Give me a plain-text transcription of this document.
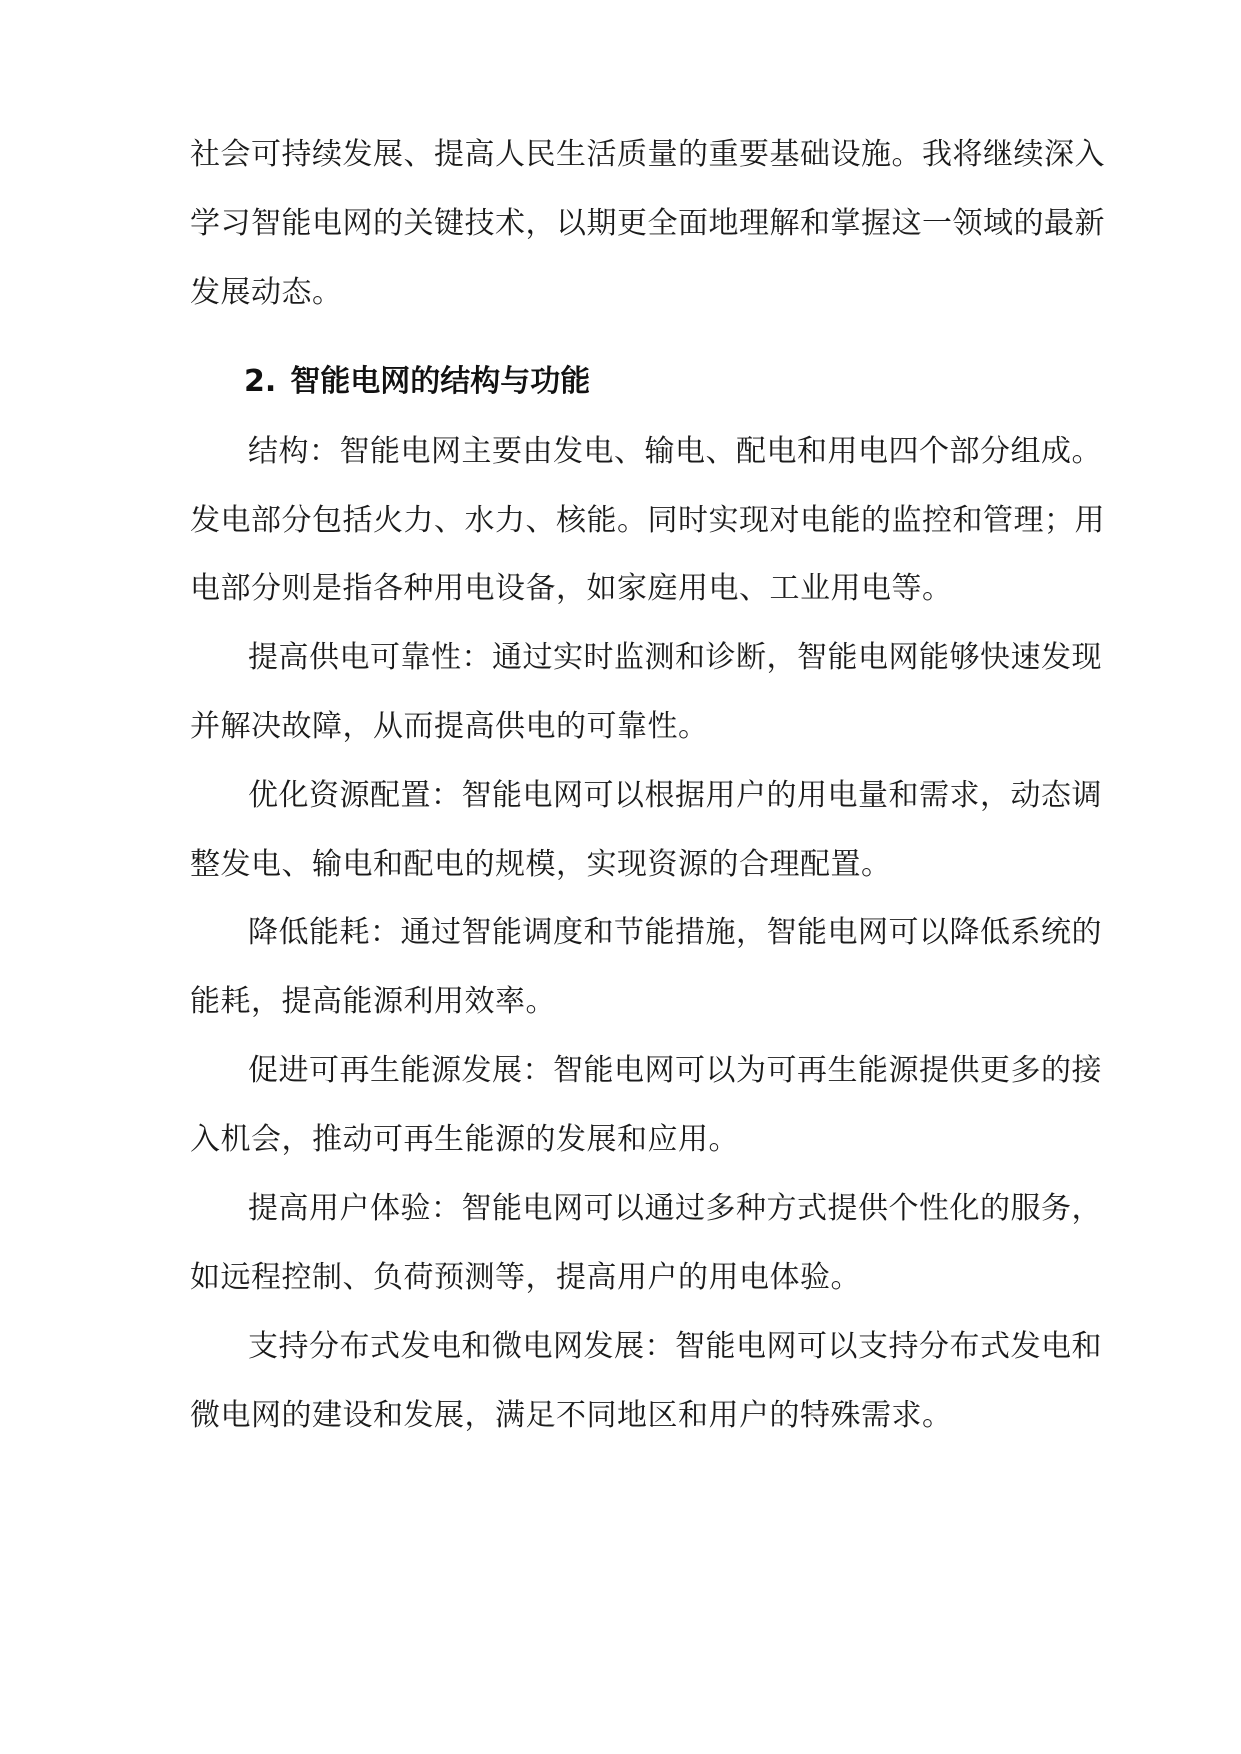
社会可持续发展、提高人民生活质量的重要基础设施。我将继续深入
学习智能电网的关键技术，以期更全面地理解和掌握这一领域的最新
发展动态。
2. 智能电网的结构与功能
结构：智能电网主要由发电、输电、配电和用电四个部分组成。
发电部分包括火力、水力、核能。同时实现对电能的监控和管理；用
电部分则是指各种用电设备，如家庭用电、工业用电等。
提高供电可靠性：通过实时监测和诊断，智能电网能够快速发现
并解决故障，从而提高供电的可靠性。
优化资源配置：智能电网可以根据用户的用电量和需求，动态调
整发电、输电和配电的规模，实现资源的合理配置。
降低能耗：通过智能调度和节能措施，智能电网可以降低系统的
能耗，提高能源利用效率。
促进可再生能源发展：智能电网可以为可再生能源提供更多的接
入机会，推动可再生能源的发展和应用。
提高用户体验：智能电网可以通过多种方式提供个性化的服务，
如远程控制、负荷预测等，提高用户的用电体验。
支持分布式发电和微电网发展：智能电网可以支持分布式发电和
微电网的建设和发展，满足不同地区和用户的特殊需求。
